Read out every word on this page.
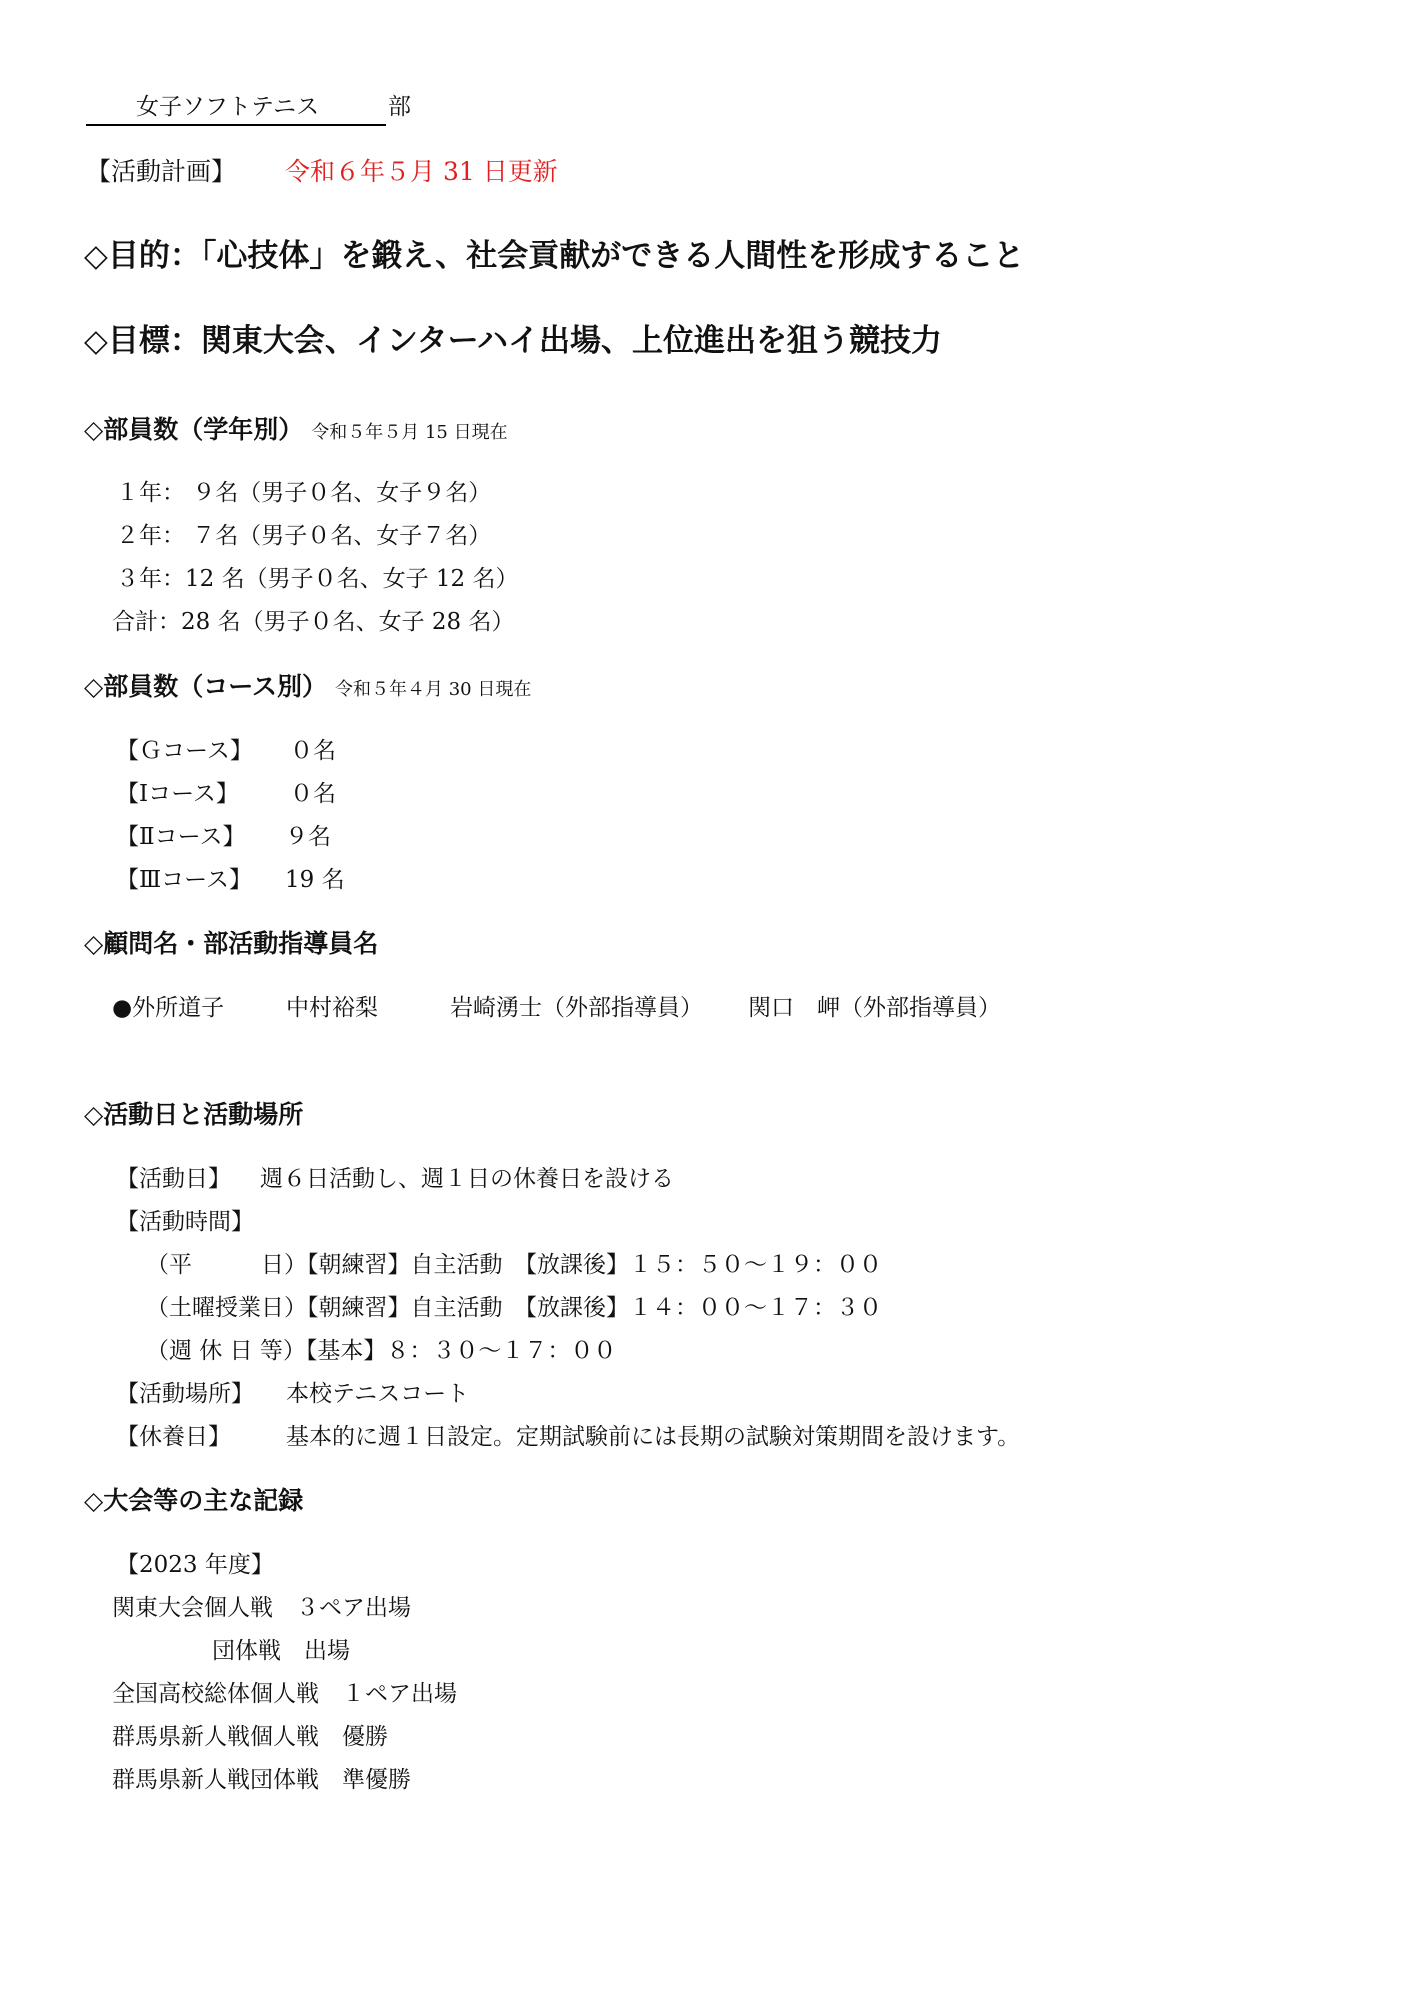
女子ソフトテニス	部
【活動計画】 令和６年５月 31 日更新
◇目的：「心技体」を鍛え、社会貢献ができる人間性を形成すること
◇目標：関東大会、インターハイ出場、上位進出を狙う競技力
◇部員数（学年別） 令和５年５月 15 日現在
１年： ９名（男子０名、女子９名）
２年： ７名（男子０名、女子７名）
３年：12 名（男子０名、女子 12 名）
合計：28 名（男子０名、女子 28 名）
◇部員数（コース別） 令和５年４月 30 日現在
【Ｇコース】 ０名
【Ⅰコース】 ０名
【Ⅱコース】 ９名
【Ⅲコース】 19 名
◇顧問名・部活動指導員名
●外所道子	中村裕梨	岩崎湧士（外部指導員） 関口　岬（外部指導員）
◇活動日と活動場所
【活動日】 週６日活動し、週１日の休養日を設ける
【活動時間】
（平　　　日）【朝練習】自主活動　【放課後】１５：５０～１９：００
（土曜授業日）【朝練習】自主活動　【放課後】１４：００～１７：３０
（週 休 日 等）【基本】８：３０～１７：００
【活動場所】 本校テニスコート
【休養日】 基本的に週１日設定。定期試験前には長期の試験対策期間を設けます。
◇大会等の主な記録
【2023 年度】
関東大会個人戦　３ペア出場
団体戦　出場
全国高校総体個人戦　１ペア出場
群馬県新人戦個人戦　優勝
群馬県新人戦団体戦　準優勝
